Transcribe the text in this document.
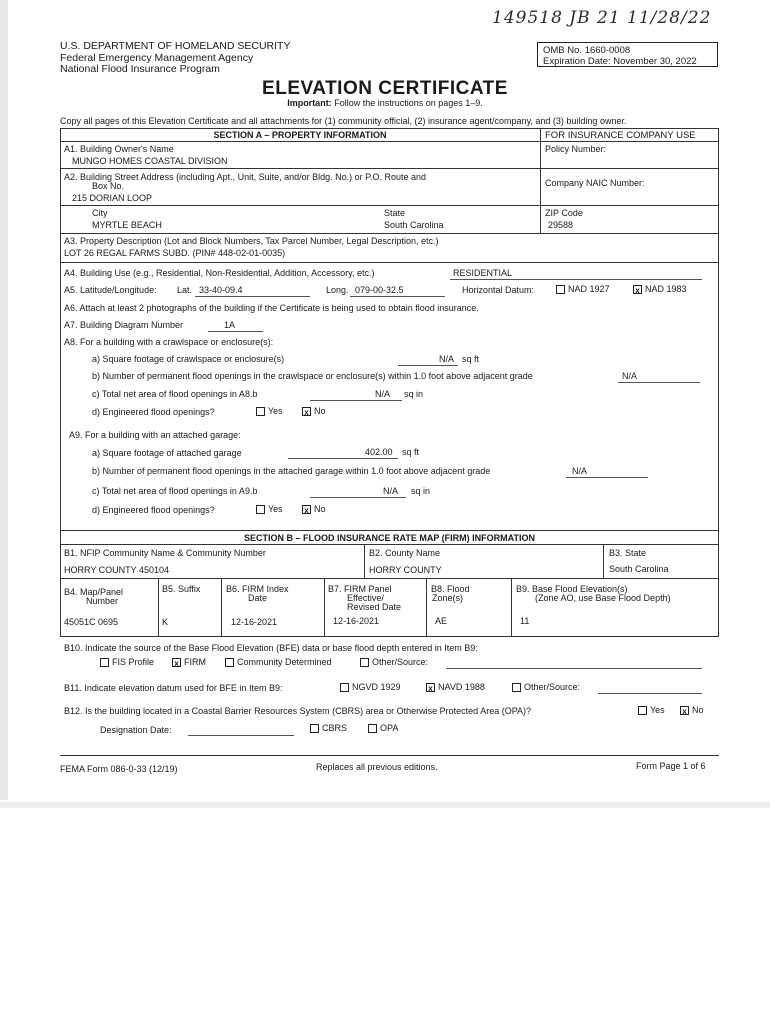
149518 JB 21 11/28/22
U.S. DEPARTMENT OF HOMELAND SECURITY
Federal Emergency Management Agency
National Flood Insurance Program
OMB No. 1660-0008
Expiration Date: November 30, 2022
ELEVATION CERTIFICATE
Important: Follow the instructions on pages 1–9.
Copy all pages of this Elevation Certificate and all attachments for (1) community official, (2) insurance agent/company, and (3) building owner.
SECTION A – PROPERTY INFORMATION	FOR INSURANCE COMPANY USE
Policy Number:
Company NAIC Number:
A1. Building Owner's Name
MUNGO HOMES COASTAL DIVISION
A2. Building Street Address (including Apt., Unit, Suite, and/or Bldg. No.) or P.O. Route and
Box No.
215 DORIAN LOOP
City
MYRTLE BEACH
State
South Carolina
ZIP Code
29588
A3. Property Description (Lot and Block Numbers, Tax Parcel Number, Legal Description, etc.)
LOT 26 REGAL FARMS SUBD. (PIN# 448-02-01-0035)
A4. Building Use (e.g., Residential, Non-Residential, Addition, Accessory, etc.)	RESIDENTIAL
A5. Latitude/Longitude: Lat. 33-40-09.4	Long. 079-00-32.5	Horizontal Datum:	NAD 1927	x NAD 1983
A6. Attach at least 2 photographs of the building if the Certificate is being used to obtain flood insurance.
A7. Building Diagram Number	1A
A8. For a building with a crawlspace or enclosure(s):
a) Square footage of crawlspace or enclosure(s)	N/A sq ft
b) Number of permanent flood openings in the crawlspace or enclosure(s) within 1.0 foot above adjacent grade	N/A
c) Total net area of flood openings in A8.b	N/A sq in
d) Engineered flood openings?	Yes	x No
A9. For a building with an attached garage:
a) Square footage of attached garage	402.00 sq ft
b) Number of permanent flood openings in the attached garage within 1.0 foot above adjacent grade	N/A
c) Total net area of flood openings in A9.b	N/A sq in
d) Engineered flood openings?	Yes	x No
SECTION B – FLOOD INSURANCE RATE MAP (FIRM) INFORMATION
B1. NFIP Community Name & Community Number
HORRY COUNTY 450104
B2. County Name
HORRY COUNTY
B3. State
South Carolina
B4. Map/Panel
Number
45051C 0695
B5. Suffix
K
B6. FIRM Index
Date
12-16-2021
B7. FIRM Panel
Effective/
Revised Date
12-16-2021
B8. Flood
Zone(s)
AE
B9. Base Flood Elevation(s)
(Zone AO, use Base Flood Depth)
11
B10. Indicate the source of the Base Flood Elevation (BFE) data or base flood depth entered in Item B9:
FIS Profile	x FIRM	Community Determined	Other/Source:
B11. Indicate elevation datum used for BFE in Item B9:	NGVD 1929	x NAVD 1988	Other/Source:
B12. Is the building located in a Coastal Barrier Resources System (CBRS) area or Otherwise Protected Area (OPA)?	Yes x No
Designation Date:	CBRS	OPA
FEMA Form 086-0-33 (12/19)	Replaces all previous editions.	Form Page 1 of 6
